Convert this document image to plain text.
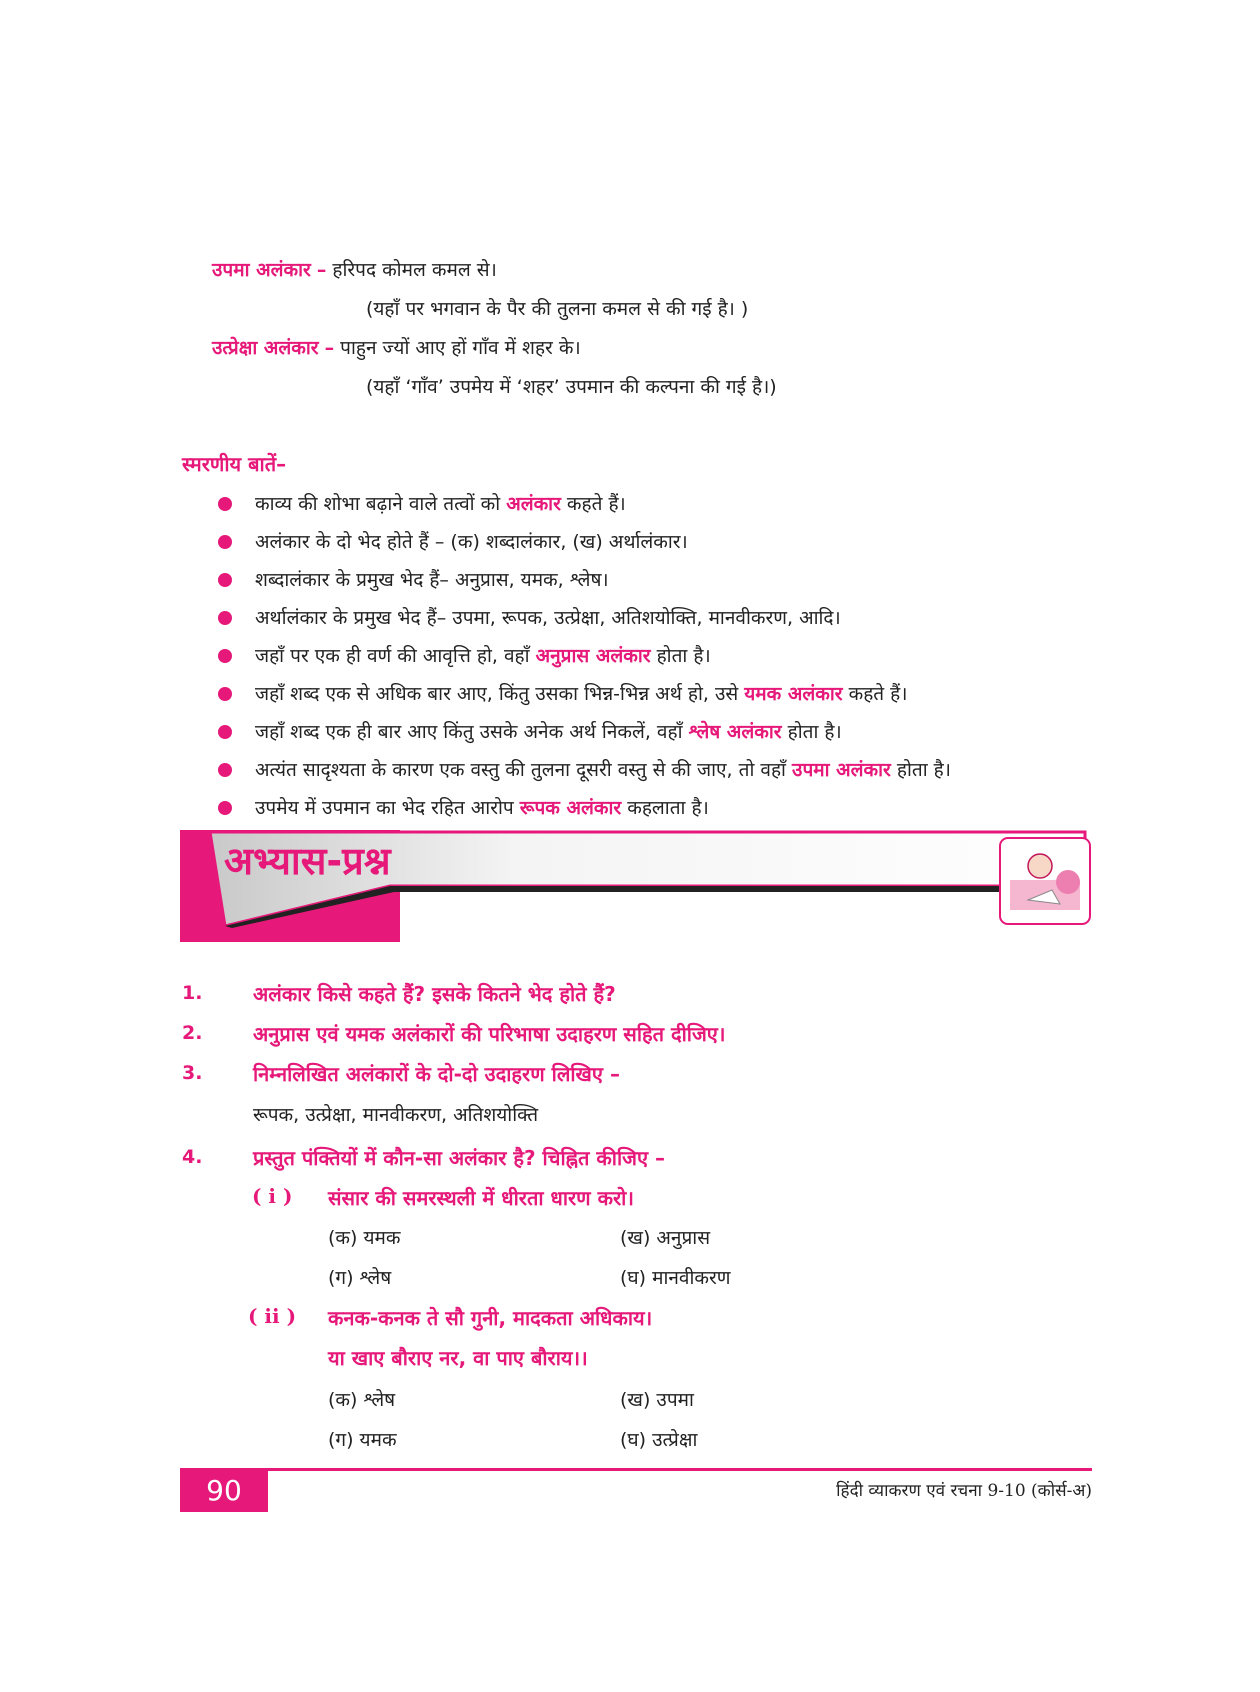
उपमा अलंकार – हरिपद कोमल कमल से।
(यहाँ पर भगवान के पैर की तुलना कमल से की गई है। )
उत्प्रेक्षा अलंकार – पाहुन ज्यों आए हों गाँव में शहर के।
(यहाँ ‘गाँव’ उपमेय में ‘शहर’ उपमान की कल्पना की गई है।)
स्मरणीय बातें–
काव्य की शोभा बढ़ाने वाले तत्वों को अलंकार कहते हैं।
अलंकार के दो भेद होते हैं – (क) शब्दालंकार, (ख) अर्थालंकार।
शब्दालंकार के प्रमुख भेद हैं– अनुप्रास, यमक, श्लेष।
अर्थालंकार के प्रमुख भेद हैं– उपमा, रूपक, उत्प्रेक्षा, अतिशयोक्ति, मानवीकरण, आदि।
जहाँ पर एक ही वर्ण की आवृत्ति हो, वहाँ अनुप्रास अलंकार होता है।
जहाँ शब्द एक से अधिक बार आए, किंतु उसका भिन्न-भिन्न अर्थ हो, उसे यमक अलंकार कहते हैं।
जहाँ शब्द एक ही बार आए किंतु उसके अनेक अर्थ निकलें, वहाँ श्लेष अलंकार होता है।
अत्यंत सादृश्यता के कारण एक वस्तु की तुलना दूसरी वस्तु से की जाए, तो वहाँ उपमा अलंकार होता है।
उपमेय में उपमान का भेद रहित आरोप रूपक अलंकार कहलाता है।
अभ्यास-प्रश्न
1.	अलंकार किसे कहते हैं? इसके कितने भेद होते हैं?
2.	अनुप्रास एवं यमक अलंकारों की परिभाषा उदाहरण सहित दीजिए।
3.	निम्नलिखित अलंकारों के दो-दो उदाहरण लिखिए –
रूपक, उत्प्रेक्षा, मानवीकरण, अतिशयोक्ति
4.	प्रस्तुत पंक्तियों में कौन-सा अलंकार है? चिह्नित कीजिए –
( i ) संसार की समरस्थली में धीरता धारण करो।
(क) यमक	(ख) अनुप्रास
(ग) श्लेष	(घ) मानवीकरण
( ii ) कनक-कनक ते सौ गुनी, मादकता अधिकाय।
या खाए बौराए नर, वा पाए बौराय।।
(क) श्लेष	(ख) उपमा
(ग) यमक	(घ) उत्प्रेक्षा
90	हिंदी व्याकरण एवं रचना 9-10 (कोर्स-अ)
